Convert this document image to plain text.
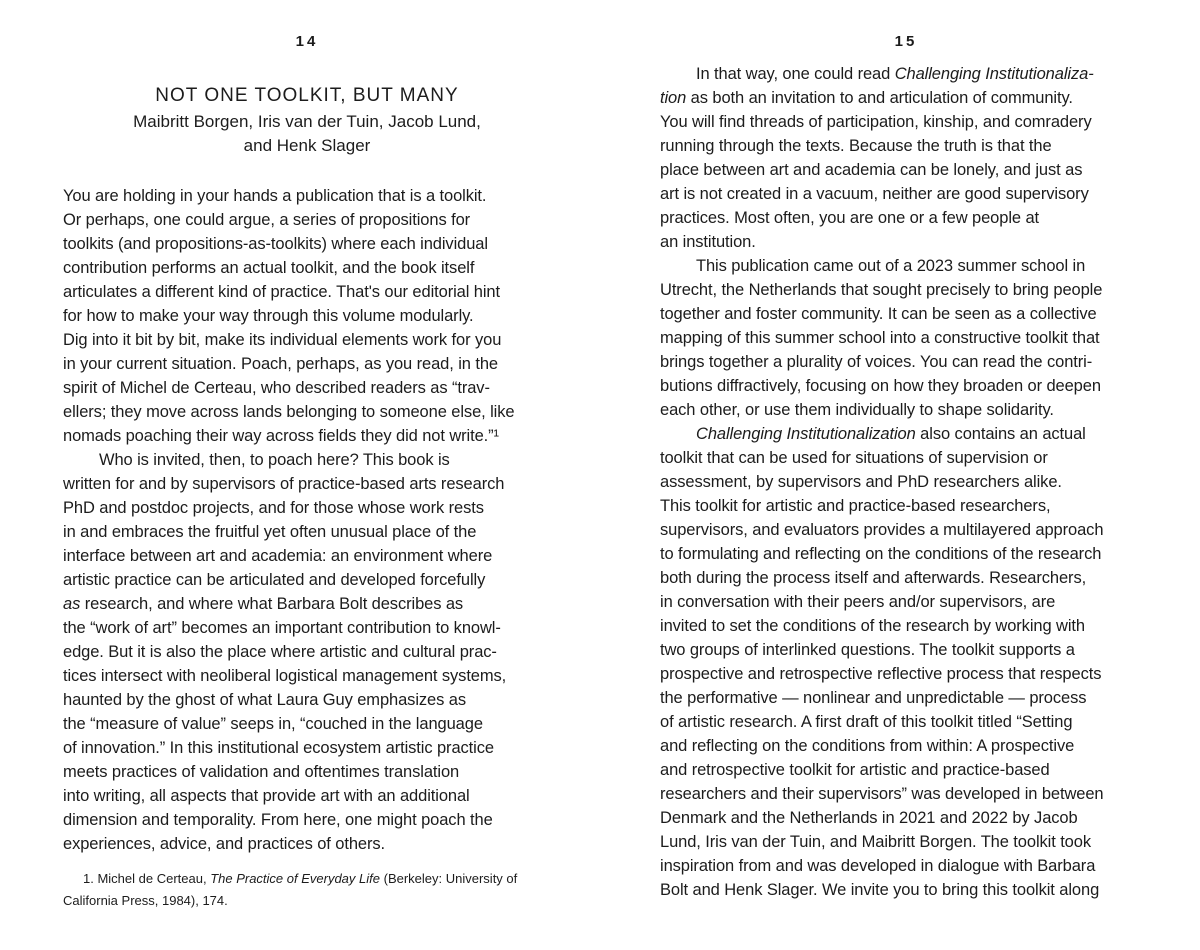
14
NOT ONE TOOLKIT, BUT MANY
Maibritt Borgen, Iris van der Tuin, Jacob Lund,
and Henk Slager
You are holding in your hands a publication that is a toolkit.
Or perhaps, one could argue, a series of propositions for
toolkits (and propositions-as-toolkits) where each individual
contribution performs an actual toolkit, and the book itself
articulates a different kind of practice. That's our editorial hint
for how to make your way through this volume modularly.
Dig into it bit by bit, make its individual elements work for you
in your current situation. Poach, perhaps, as you read, in the
spirit of Michel de Certeau, who described readers as “trav-
ellers; they move across lands belonging to someone else, like
nomads poaching their way across fields they did not write.”¹
Who is invited, then, to poach here? This book is
written for and by supervisors of practice-based arts research
PhD and postdoc projects, and for those whose work rests
in and embraces the fruitful yet often unusual place of the
interface between art and academia: an environment where
artistic practice can be articulated and developed forcefully
as research, and where what Barbara Bolt describes as
the “work of art” becomes an important contribution to knowl-
edge. But it is also the place where artistic and cultural prac-
tices intersect with neoliberal logistical management systems,
haunted by the ghost of what Laura Guy emphasizes as
the “measure of value” seeps in, “couched in the language
of innovation.” In this institutional ecosystem artistic practice
meets practices of validation and oftentimes translation
into writing, all aspects that provide art with an additional
dimension and temporality. From here, one might poach the
experiences, advice, and practices of others.
1. Michel de Certeau, The Practice of Everyday Life (Berkeley: University of
California Press, 1984), 174.
15
In that way, one could read Challenging Institutionaliza-
tion as both an invitation to and articulation of community.
You will find threads of participation, kinship, and comradery
running through the texts. Because the truth is that the
place between art and academia can be lonely, and just as
art is not created in a vacuum, neither are good supervisory
practices. Most often, you are one or a few people at
an institution.
This publication came out of a 2023 summer school in
Utrecht, the Netherlands that sought precisely to bring people
together and foster community. It can be seen as a collective
mapping of this summer school into a constructive toolkit that
brings together a plurality of voices. You can read the contri-
butions diffractively, focusing on how they broaden or deepen
each other, or use them individually to shape solidarity.
Challenging Institutionalization also contains an actual
toolkit that can be used for situations of supervision or
assessment, by supervisors and PhD researchers alike.
This toolkit for artistic and practice-based researchers,
supervisors, and evaluators provides a multilayered approach
to formulating and reflecting on the conditions of the research
both during the process itself and afterwards. Researchers,
in conversation with their peers and/or supervisors, are
invited to set the conditions of the research by working with
two groups of interlinked questions. The toolkit supports a
prospective and retrospective reflective process that respects
the performative — nonlinear and unpredictable — process
of artistic research. A first draft of this toolkit titled “Setting
and reflecting on the conditions from within: A prospective
and retrospective toolkit for artistic and practice-based
researchers and their supervisors” was developed in between
Denmark and the Netherlands in 2021 and 2022 by Jacob
Lund, Iris van der Tuin, and Maibritt Borgen. The toolkit took
inspiration from and was developed in dialogue with Barbara
Bolt and Henk Slager. We invite you to bring this toolkit along
